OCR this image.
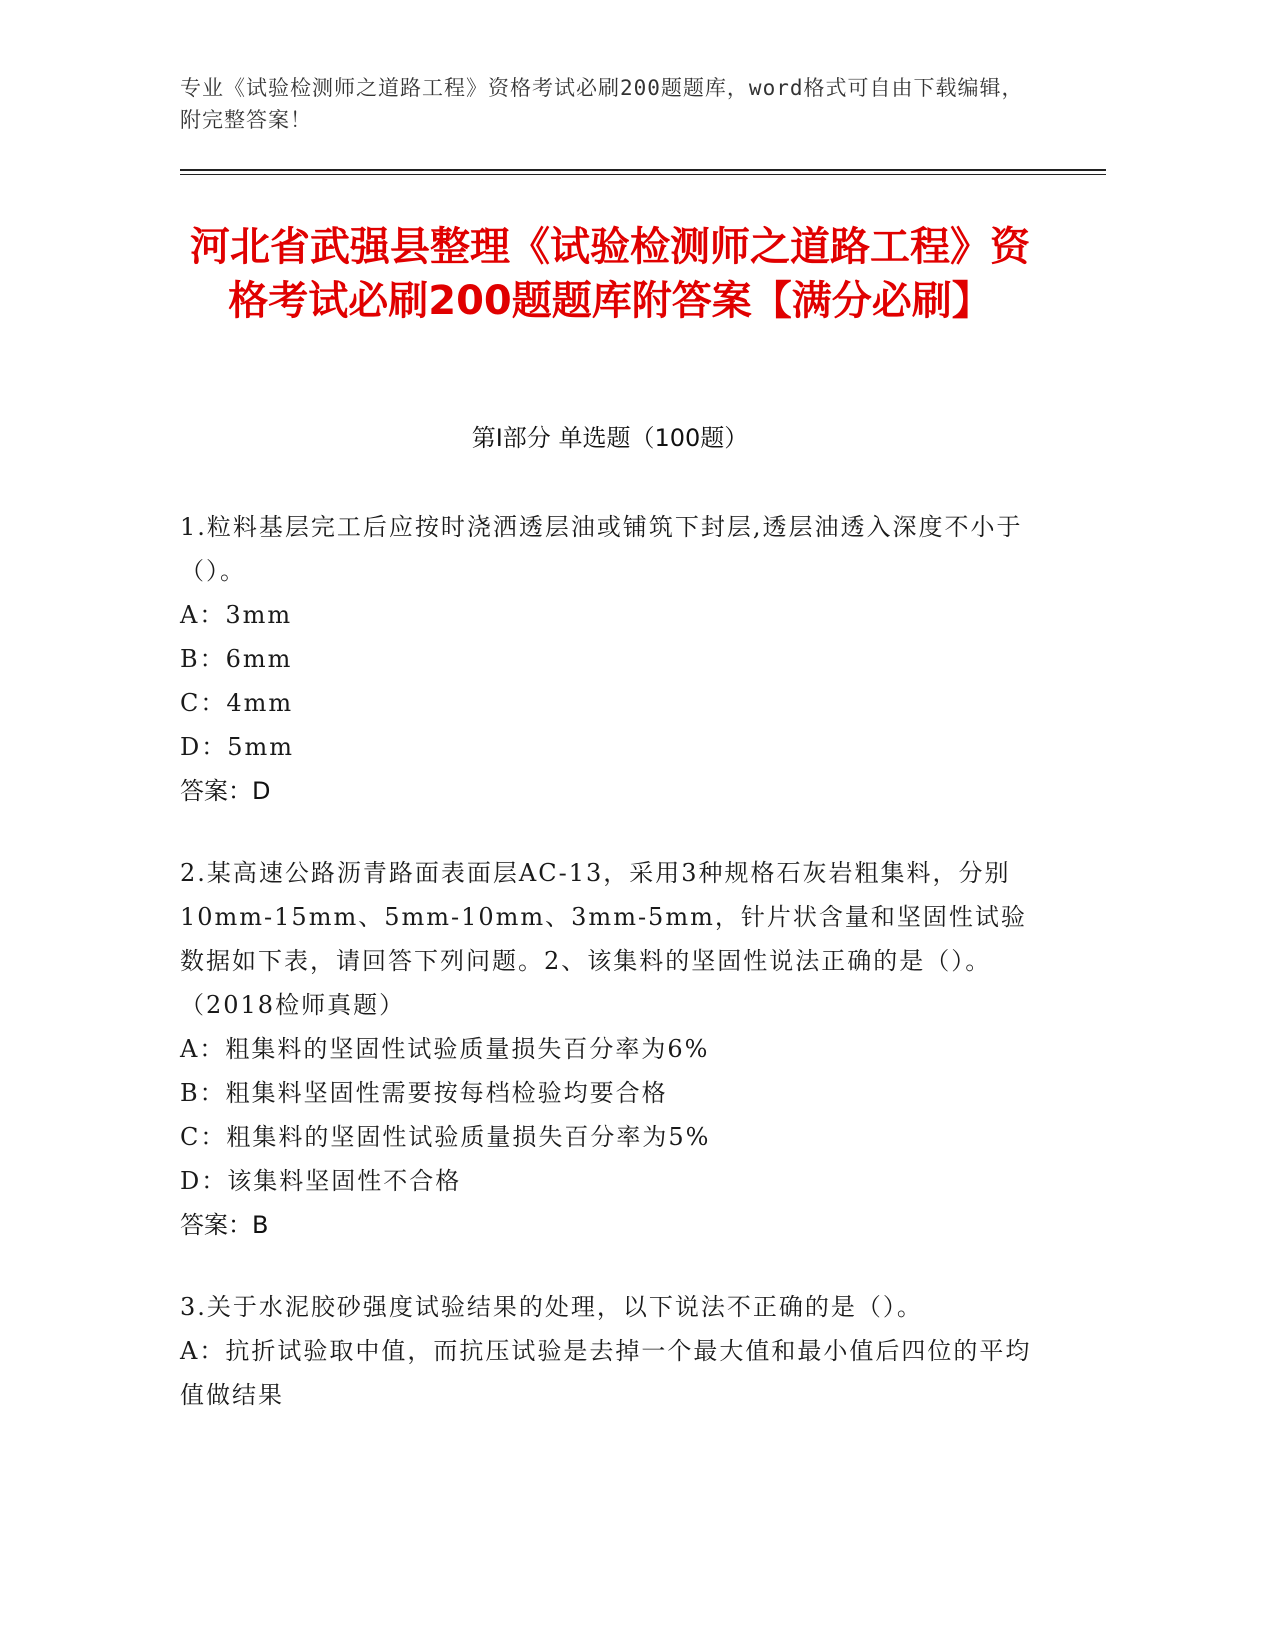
专业《试验检测师之道路工程》资格考试必刷200题题库，word格式可自由下载编辑，附完整答案！
河北省武强县整理《试验检测师之道路工程》资格考试必刷200题题库附答案【满分必刷】
第Ⅰ部分 单选题（100题）
1.粒料基层完工后应按时浇洒透层油或铺筑下封层,透层油透入深度不小于（）。
A：3mm
B：6mm
C：4mm
D：5mm
答案：D
2.某高速公路沥青路面表面层AC-13，采用3种规格石灰岩粗集料，分别10mm-15mm、5mm-10mm、3mm-5mm，针片状含量和坚固性试验数据如下表，请回答下列问题。2、该集料的坚固性说法正确的是（）。（2018检师真题）
A：粗集料的坚固性试验质量损失百分率为6%
B：粗集料坚固性需要按每档检验均要合格
C：粗集料的坚固性试验质量损失百分率为5%
D：该集料坚固性不合格
答案：B
3.关于水泥胶砂强度试验结果的处理，以下说法不正确的是（）。
A：抗折试验取中值，而抗压试验是去掉一个最大值和最小值后四位的平均值做结果
